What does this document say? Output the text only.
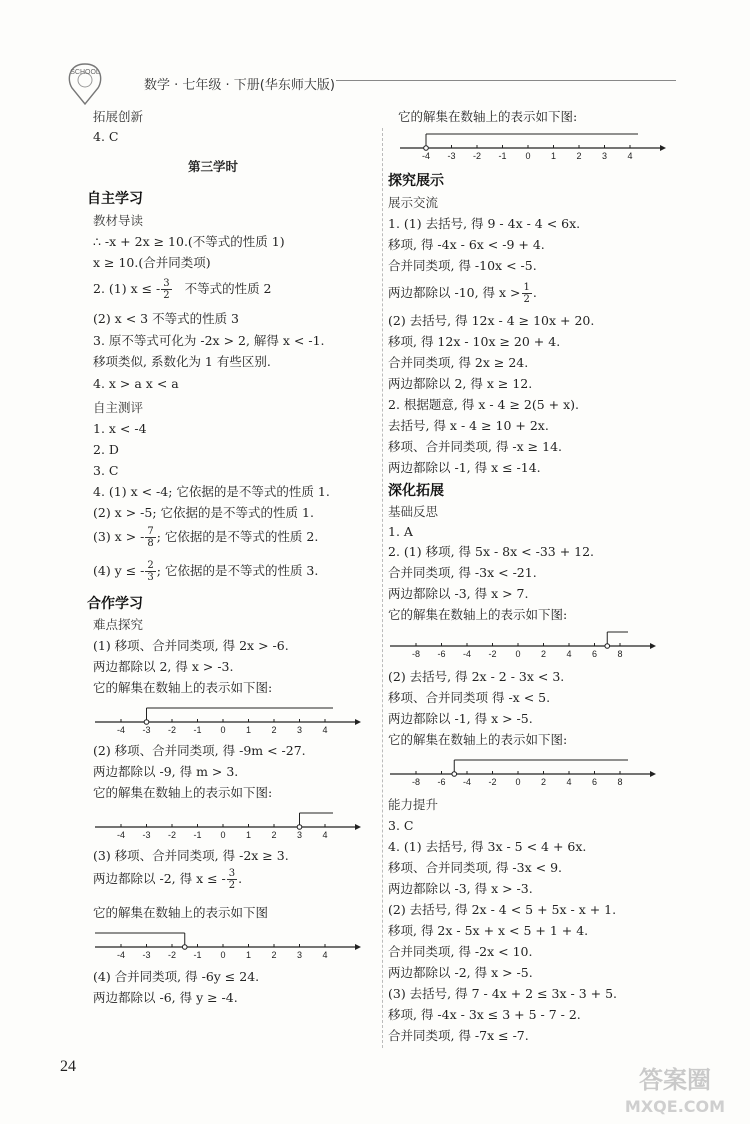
SCHOOL
数学 · 七年级 · 下册(华东师大版)
拓展创新
4. C
第三学时
自主学习
教材导读
∴ -x + 2x ≥ 10.(不等式的性质 1)
x ≥ 10.(合并同类项)
2. (1) x ≤ - $\frac{3}{2}$ 不等式的性质 2
(2) x < 3 不等式的性质 3
3. 原不等式可化为 -2x > 2, 解得 x < -1.
移项类似, 系数化为 1 有些区别.
4. x > a x < a
自主测评
1. x < -4
2. D
3. C
4. (1) x < -4; 它依据的是不等式的性质 1.
(2) x > -5; 它依据的是不等式的性质 1.
(3) x > - $\frac{7}{8}$ ; 它依据的是不等式的性质 2.
(4) y ≤ - $\frac{2}{3}$ ; 它依据的是不等式的性质 3.
合作学习
难点探究
(1) 移项、合并同类项, 得 2x > -6.
两边都除以 2, 得 x > -3.
它的解集在数轴上的表示如下图:
-4 -3 -2 -1 0 1 2 3 4
(2) 移项、合并同类项, 得 -9m < -27.
两边都除以 -9, 得 m > 3.
它的解集在数轴上的表示如下图:
-4 -3 -2 -1 0 1 2 3 4
(3) 移项、合并同类项, 得 -2x ≥ 3.
两边都除以 -2, 得 x ≤ - $\frac{3}{2}$ .
它的解集在数轴上的表示如下图
-4 -3 -2 -1 0 1 2 3 4
(4) 合并同类项, 得 -6y ≤ 24.
两边都除以 -6, 得 y ≥ -4.
它的解集在数轴上的表示如下图:
-4 -3 -2 -1 0 1 2 3 4
探究展示
展示交流
1. (1) 去括号, 得 9 - 4x - 4 < 6x.
移项, 得 -4x - 6x < -9 + 4.
合并同类项, 得 -10x < -5.
两边都除以 -10, 得 $x > \frac{1}{2}$ .
(2) 去括号, 得 12x - 4 ≥ 10x + 20.
移项, 得 12x - 10x ≥ 20 + 4.
合并同类项, 得 2x ≥ 24.
两边都除以 2, 得 x ≥ 12.
2. 根据题意, 得 x - 4 ≥ 2(5 + x).
去括号, 得 x - 4 ≥ 10 + 2x.
移项、合并同类项, 得 -x ≥ 14.
两边都除以 -1, 得 x ≤ -14.
深化拓展
基础反思
1. A
2. (1) 移项, 得 5x - 8x < -33 + 12.
合并同类项, 得 -3x < -21.
两边都除以 -3, 得 x > 7.
它的解集在数轴上的表示如下图:
-8 -6 -4 -2 0 2 4 6 8
(2) 去括号, 得 2x - 2 - 3x < 3.
移项、合并同类项 得 -x < 5.
两边都除以 -1, 得 x > -5.
它的解集在数轴上的表示如下图:
-8 -6 -4 -2 0 2 4 6 8
能力提升
3. C
4. (1) 去括号, 得 3x - 5 < 4 + 6x.
移项、合并同类项, 得 -3x < 9.
两边都除以 -3, 得 x > -3.
(2) 去括号, 得 2x - 4 < 5 + 5x - x + 1.
移项, 得 2x - 5x + x < 5 + 1 + 4.
合并同类项, 得 -2x < 10.
两边都除以 -2, 得 x > -5.
(3) 去括号, 得 7 - 4x + 2 ≤ 3x - 3 + 5.
移项, 得 -4x - 3x ≤ 3 + 5 - 7 - 2.
合并同类项, 得 -7x ≤ -7.
24	答案圈
MXQE.COM
